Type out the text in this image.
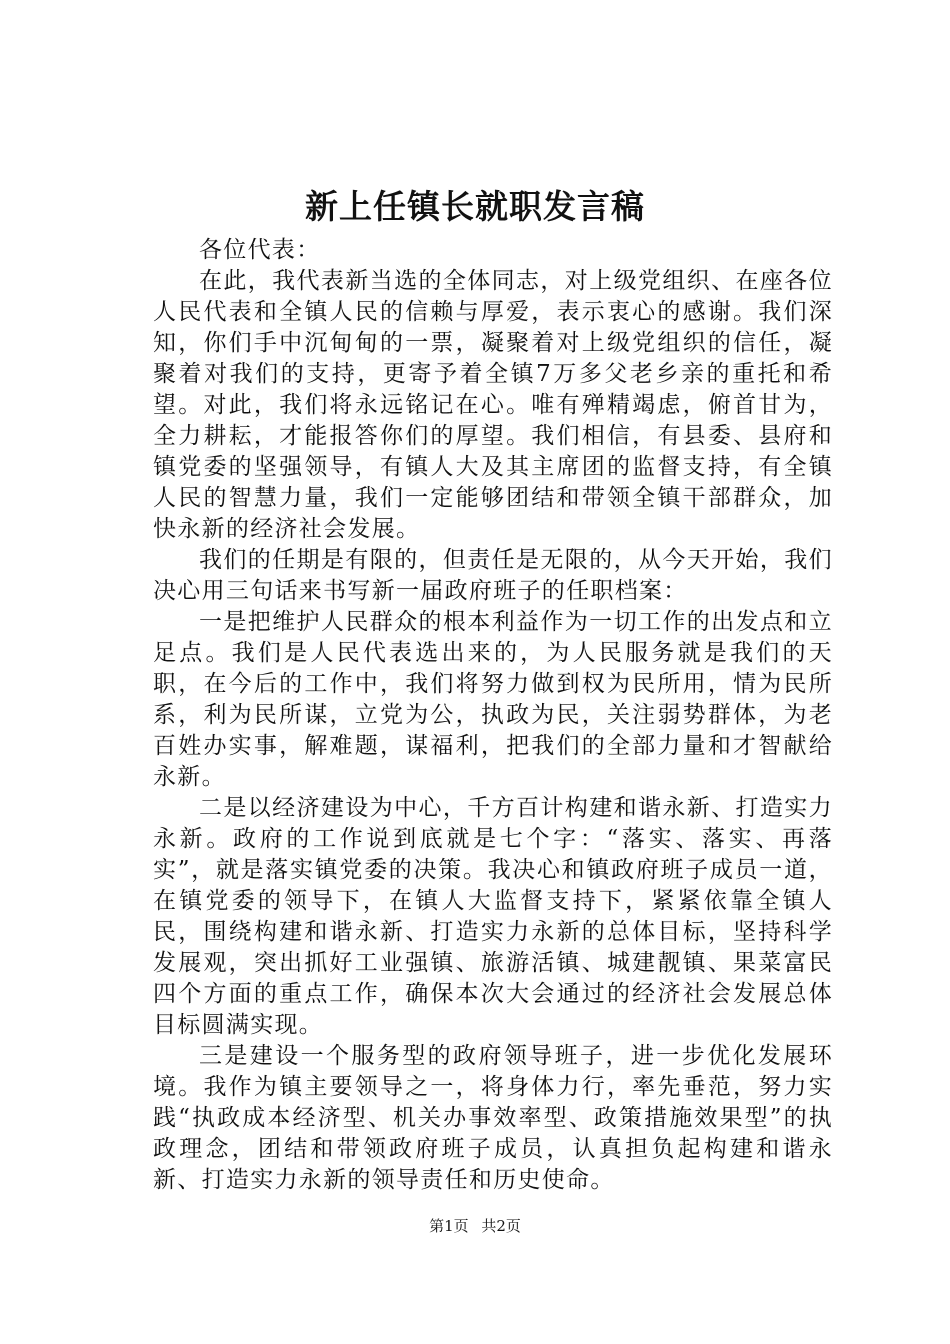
新上任镇长就职发言稿

各位代表：

在此，我代表新当选的全体同志，对上级党组织、在座各位人民代表和全镇人民的信赖与厚爱，表示衷心的感谢。我们深知，你们手中沉甸甸的一票，凝聚着对上级党组织的信任，凝聚着对我们的支持，更寄予着全镇7万多父老乡亲的重托和希望。对此，我们将永远铭记在心。唯有殚精竭虑，俯首甘为，全力耕耘，才能报答你们的厚望。我们相信，有县委、县府和镇党委的坚强领导，有镇人大及其主席团的监督支持，有全镇人民的智慧力量，我们一定能够团结和带领全镇干部群众，加快永新的经济社会发展。

我们的任期是有限的，但责任是无限的，从今天开始，我们决心用三句话来书写新一届政府班子的任职档案：

一是把维护人民群众的根本利益作为一切工作的出发点和立足点。我们是人民代表选出来的，为人民服务就是我们的天职，在今后的工作中，我们将努力做到权为民所用，情为民所系，利为民所谋，立党为公，执政为民，关注弱势群体，为老百姓办实事，解难题，谋福利，把我们的全部力量和才智献给永新。

二是以经济建设为中心，千方百计构建和谐永新、打造实力永新。政府的工作说到底就是七个字：“落实、落实、再落实”，就是落实镇党委的决策。我决心和镇政府班子成员一道，在镇党委的领导下，在镇人大监督支持下，紧紧依靠全镇人民，围绕构建和谐永新、打造实力永新的总体目标，坚持科学发展观，突出抓好工业强镇、旅游活镇、城建靓镇、果菜富民四个方面的重点工作，确保本次大会通过的经济社会发展总体目标圆满实现。

三是建设一个服务型的政府领导班子，进一步优化发展环境。我作为镇主要领导之一，将身体力行，率先垂范，努力实践“执政成本经济型、机关办事效率型、政策措施效果型”的执政理念，团结和带领政府班子成员，认真担负起构建和谐永新、打造实力永新的领导责任和历史使命。

第1页 共2页
